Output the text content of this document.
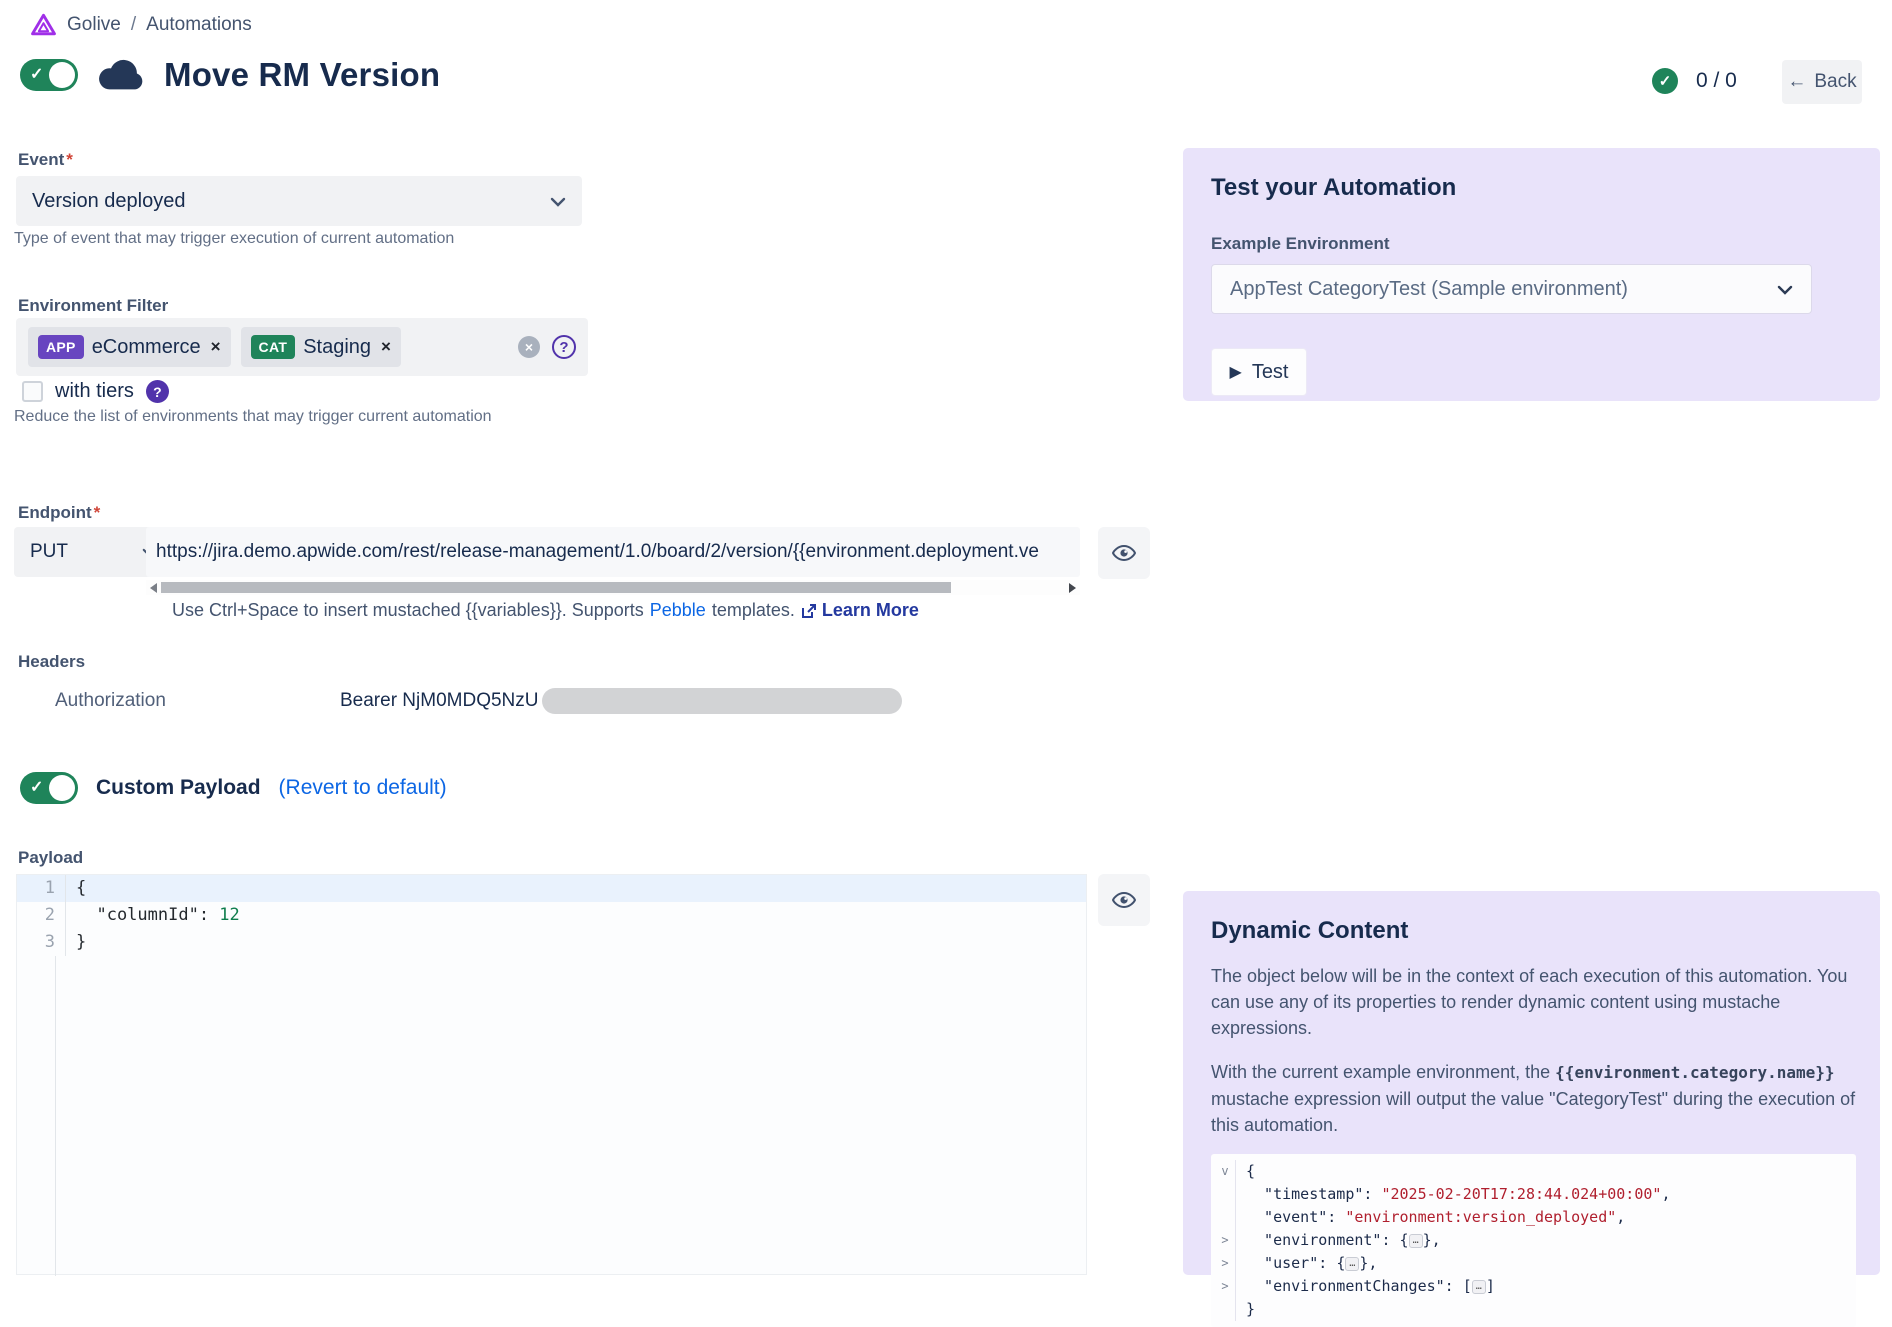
Golive / Automations
✓	Move RM Version	✓	0 / 0	← Back
Event *
Version deployed
Type of event that may trigger execution of current automation
Environment Filter
APP eCommerce ×	CAT Staging ×	×	?
with tiers	?
Reduce the list of environments that may trigger current automation
Endpoint *
PUT	https://jira.demo.apwide.com/rest/release-management/1.0/board/2/version/{{environment.deployment.ve
Use Ctrl+Space to insert mustached {{variables}}. Supports Pebble templates. Learn More
Headers
Authorization	Bearer NjM0MDQ5NzU
✓	Custom Payload (Revert to default)
Payload
1	{
2	"columnId": 12
3	}
Test your Automation
Example Environment
AppTest CategoryTest (Sample environment)
▶ Test
Dynamic Content
The object below will be in the context of each execution of this automation. You can use any of its properties to render dynamic content using mustache expressions.
With the current example environment, the {{environment.category.name}} mustache expression will output the value "CategoryTest" during the execution of this automation.
v	{
"timestamp": "2025-02-20T17:28:44.024+00:00",
"event": "environment:version_deployed",
>	"environment": { … },
>	"user": { … },
>	"environmentChanges": [ … ]
}
